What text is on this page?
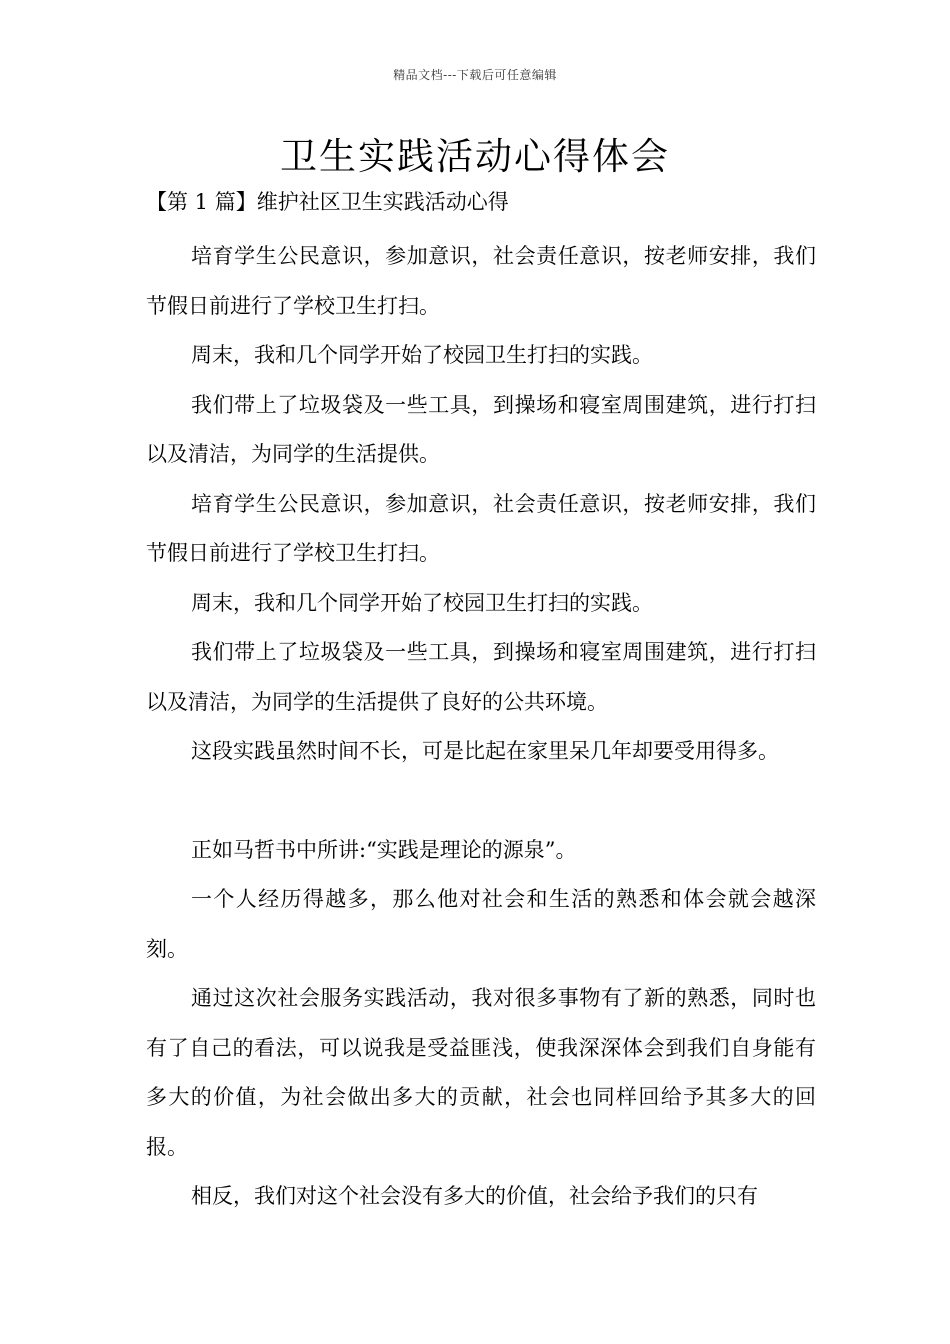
精品文档---下载后可任意编辑
卫生实践活动心得体会
【第 1 篇】维护社区卫生实践活动心得

培育学生公民意识，参加意识，社会责任意识，按老师安排，我们节假日前进行了学校卫生打扫。

周末，我和几个同学开始了校园卫生打扫的实践。

我们带上了垃圾袋及一些工具，到操场和寝室周围建筑，进行打扫以及清洁，为同学的生活提供。

培育学生公民意识，参加意识，社会责任意识，按老师安排，我们节假日前进行了学校卫生打扫。

周末，我和几个同学开始了校园卫生打扫的实践。

我们带上了垃圾袋及一些工具，到操场和寝室周围建筑，进行打扫以及清洁，为同学的生活提供了良好的公共环境。

这段实践虽然时间不长，可是比起在家里呆几年却要受用得多。

正如马哲书中所讲:“实践是理论的源泉”。

一个人经历得越多，那么他对社会和生活的熟悉和体会就会越深刻。

通过这次社会服务实践活动，我对很多事物有了新的熟悉，同时也有了自己的看法，可以说我是受益匪浅，使我深深体会到我们自身能有多大的价值，为社会做出多大的贡献，社会也同样回给予其多大的回报。

相反，我们对这个社会没有多大的价值，社会给予我们的只有
